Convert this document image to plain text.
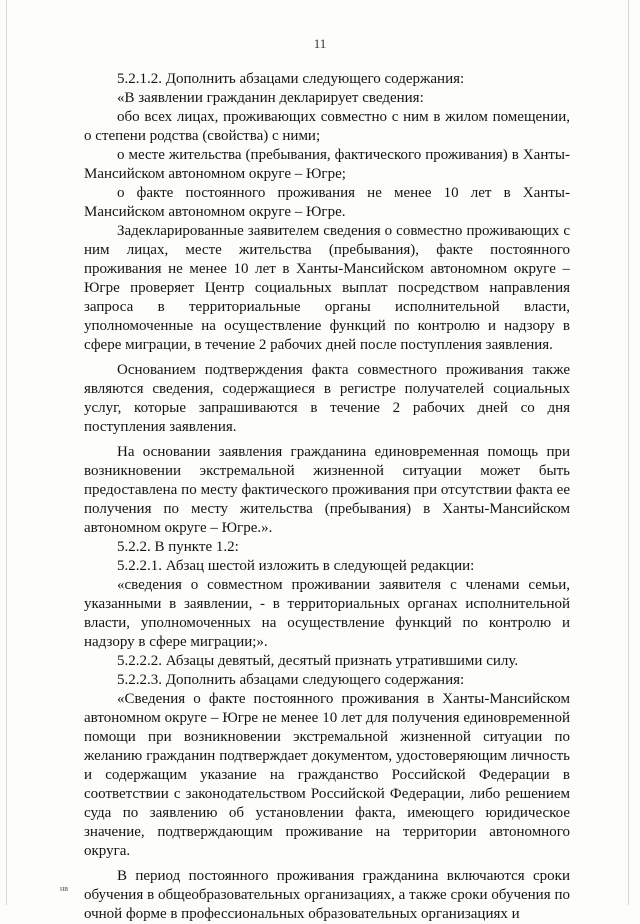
11

5.2.1.2. Дополнить абзацами следующего содержания:

«В заявлении гражданин декларирует сведения:

обо всех лицах, проживающих совместно с ним в жилом помещении, о степени родства (свойства) с ними;

о месте жительства (пребывания, фактического проживания) в Ханты-Мансийском автономном округе – Югре;

о факте постоянного проживания не менее 10 лет в Ханты-Мансийском автономном округе – Югре.

Задекларированные заявителем сведения о совместно проживающих с ним лицах, месте жительства (пребывания), факте постоянного проживания не менее 10 лет в Ханты-Мансийском автономном округе – Югре проверяет Центр социальных выплат посредством направления запроса в территориальные органы исполнительной власти, уполномоченные на осуществление функций по контролю и надзору в сфере миграции, в течение 2 рабочих дней после поступления заявления.

Основанием подтверждения факта совместного проживания также являются сведения, содержащиеся в регистре получателей социальных услуг, которые запрашиваются в течение 2 рабочих дней со дня поступления заявления.

На основании заявления гражданина единовременная помощь при возникновении экстремальной жизненной ситуации может быть предоставлена по месту фактического проживания при отсутствии факта ее получения по месту жительства (пребывания) в Ханты-Мансийском автономном округе – Югре.».

5.2.2. В пункте 1.2:

5.2.2.1. Абзац шестой изложить в следующей редакции:

«сведения о совместном проживании заявителя с членами семьи, указанными в заявлении, - в территориальных органах исполнительной власти, уполномоченных на осуществление функций по контролю и надзору в сфере миграции;».

5.2.2.2. Абзацы девятый, десятый признать утратившими силу.

5.2.2.3. Дополнить абзацами следующего содержания:

«Сведения о факте постоянного проживания в Ханты-Мансийском автономном округе – Югре не менее 10 лет для получения единовременной помощи при возникновении экстремальной жизненной ситуации по желанию гражданин подтверждает документом, удостоверяющим личность и содержащим указание на гражданство Российской Федерации в соответствии с законодательством Российской Федерации, либо решением суда по заявлению об установлении факта, имеющего юридическое значение, подтверждающим проживание на территории автономного округа.

В период постоянного проживания гражданина включаются сроки обучения в общеобразовательных организациях, а также сроки обучения по очной форме в профессиональных образовательных организациях и

нв
